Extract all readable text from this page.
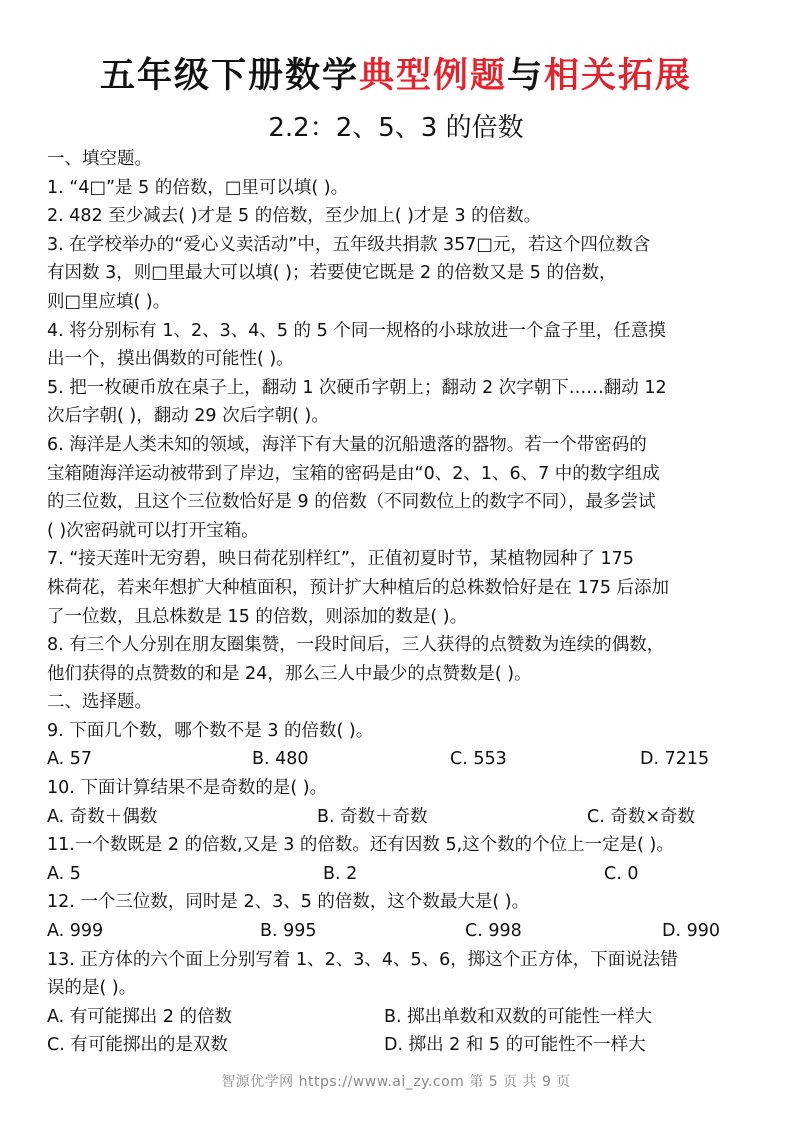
五年级下册数学典型例题与相关拓展
2.2：2、5、3 的倍数
一、填空题。
1. “4□”是 5 的倍数，□里可以填( )。
2. 482 至少减去( )才是 5 的倍数，至少加上( )才是 3 的倍数。
3. 在学校举办的“爱心义卖活动”中，五年级共捐款 357□元，若这个四位数含
有因数 3，则□里最大可以填( )；若要使它既是 2 的倍数又是 5 的倍数，
则□里应填( )。
4. 将分别标有 1、2、3、4、5 的 5 个同一规格的小球放进一个盒子里，任意摸
出一个，摸出偶数的可能性( )。
5. 把一枚硬币放在桌子上，翻动 1 次硬币字朝上；翻动 2 次字朝下……翻动 12
次后字朝( )，翻动 29 次后字朝( )。
6. 海洋是人类未知的领域，海洋下有大量的沉船遗落的器物。若一个带密码的
宝箱随海洋运动被带到了岸边，宝箱的密码是由“0、2、1、6、7 中的数字组成
的三位数，且这个三位数恰好是 9 的倍数（不同数位上的数字不同），最多尝试
( )次密码就可以打开宝箱。
7. “接天莲叶无穷碧，映日荷花别样红”，正值初夏时节，某植物园种了 175
株荷花，若来年想扩大种植面积，预计扩大种植后的总株数恰好是在 175 后添加
了一位数，且总株数是 15 的倍数，则添加的数是( )。
8. 有三个人分别在朋友圈集赞，一段时间后，三人获得的点赞数为连续的偶数，
他们获得的点赞数的和是 24，那么三人中最少的点赞数是( )。
二、选择题。
9. 下面几个数，哪个数不是 3 的倍数( )。
A. 57	B. 480	C. 553	D. 7215
10. 下面计算结果不是奇数的是( )。
A. 奇数＋偶数	B. 奇数＋奇数	C. 奇数×奇数
11.一个数既是 2 的倍数,又是 3 的倍数。还有因数 5,这个数的个位上一定是( )。
A. 5	B. 2	C. 0
12. 一个三位数，同时是 2、3、5 的倍数，这个数最大是( )。
A. 999	B. 995	C. 998	D. 990
13. 正方体的六个面上分别写着 1、2、3、4、5、6，掷这个正方体，下面说法错
误的是( )。
A. 有可能掷出 2 的倍数	B. 掷出单数和双数的可能性一样大
C. 有可能掷出的是双数	D. 掷出 2 和 5 的可能性不一样大
智源优学网 https://www.ai_zy.com 第 5 页 共 9 页
